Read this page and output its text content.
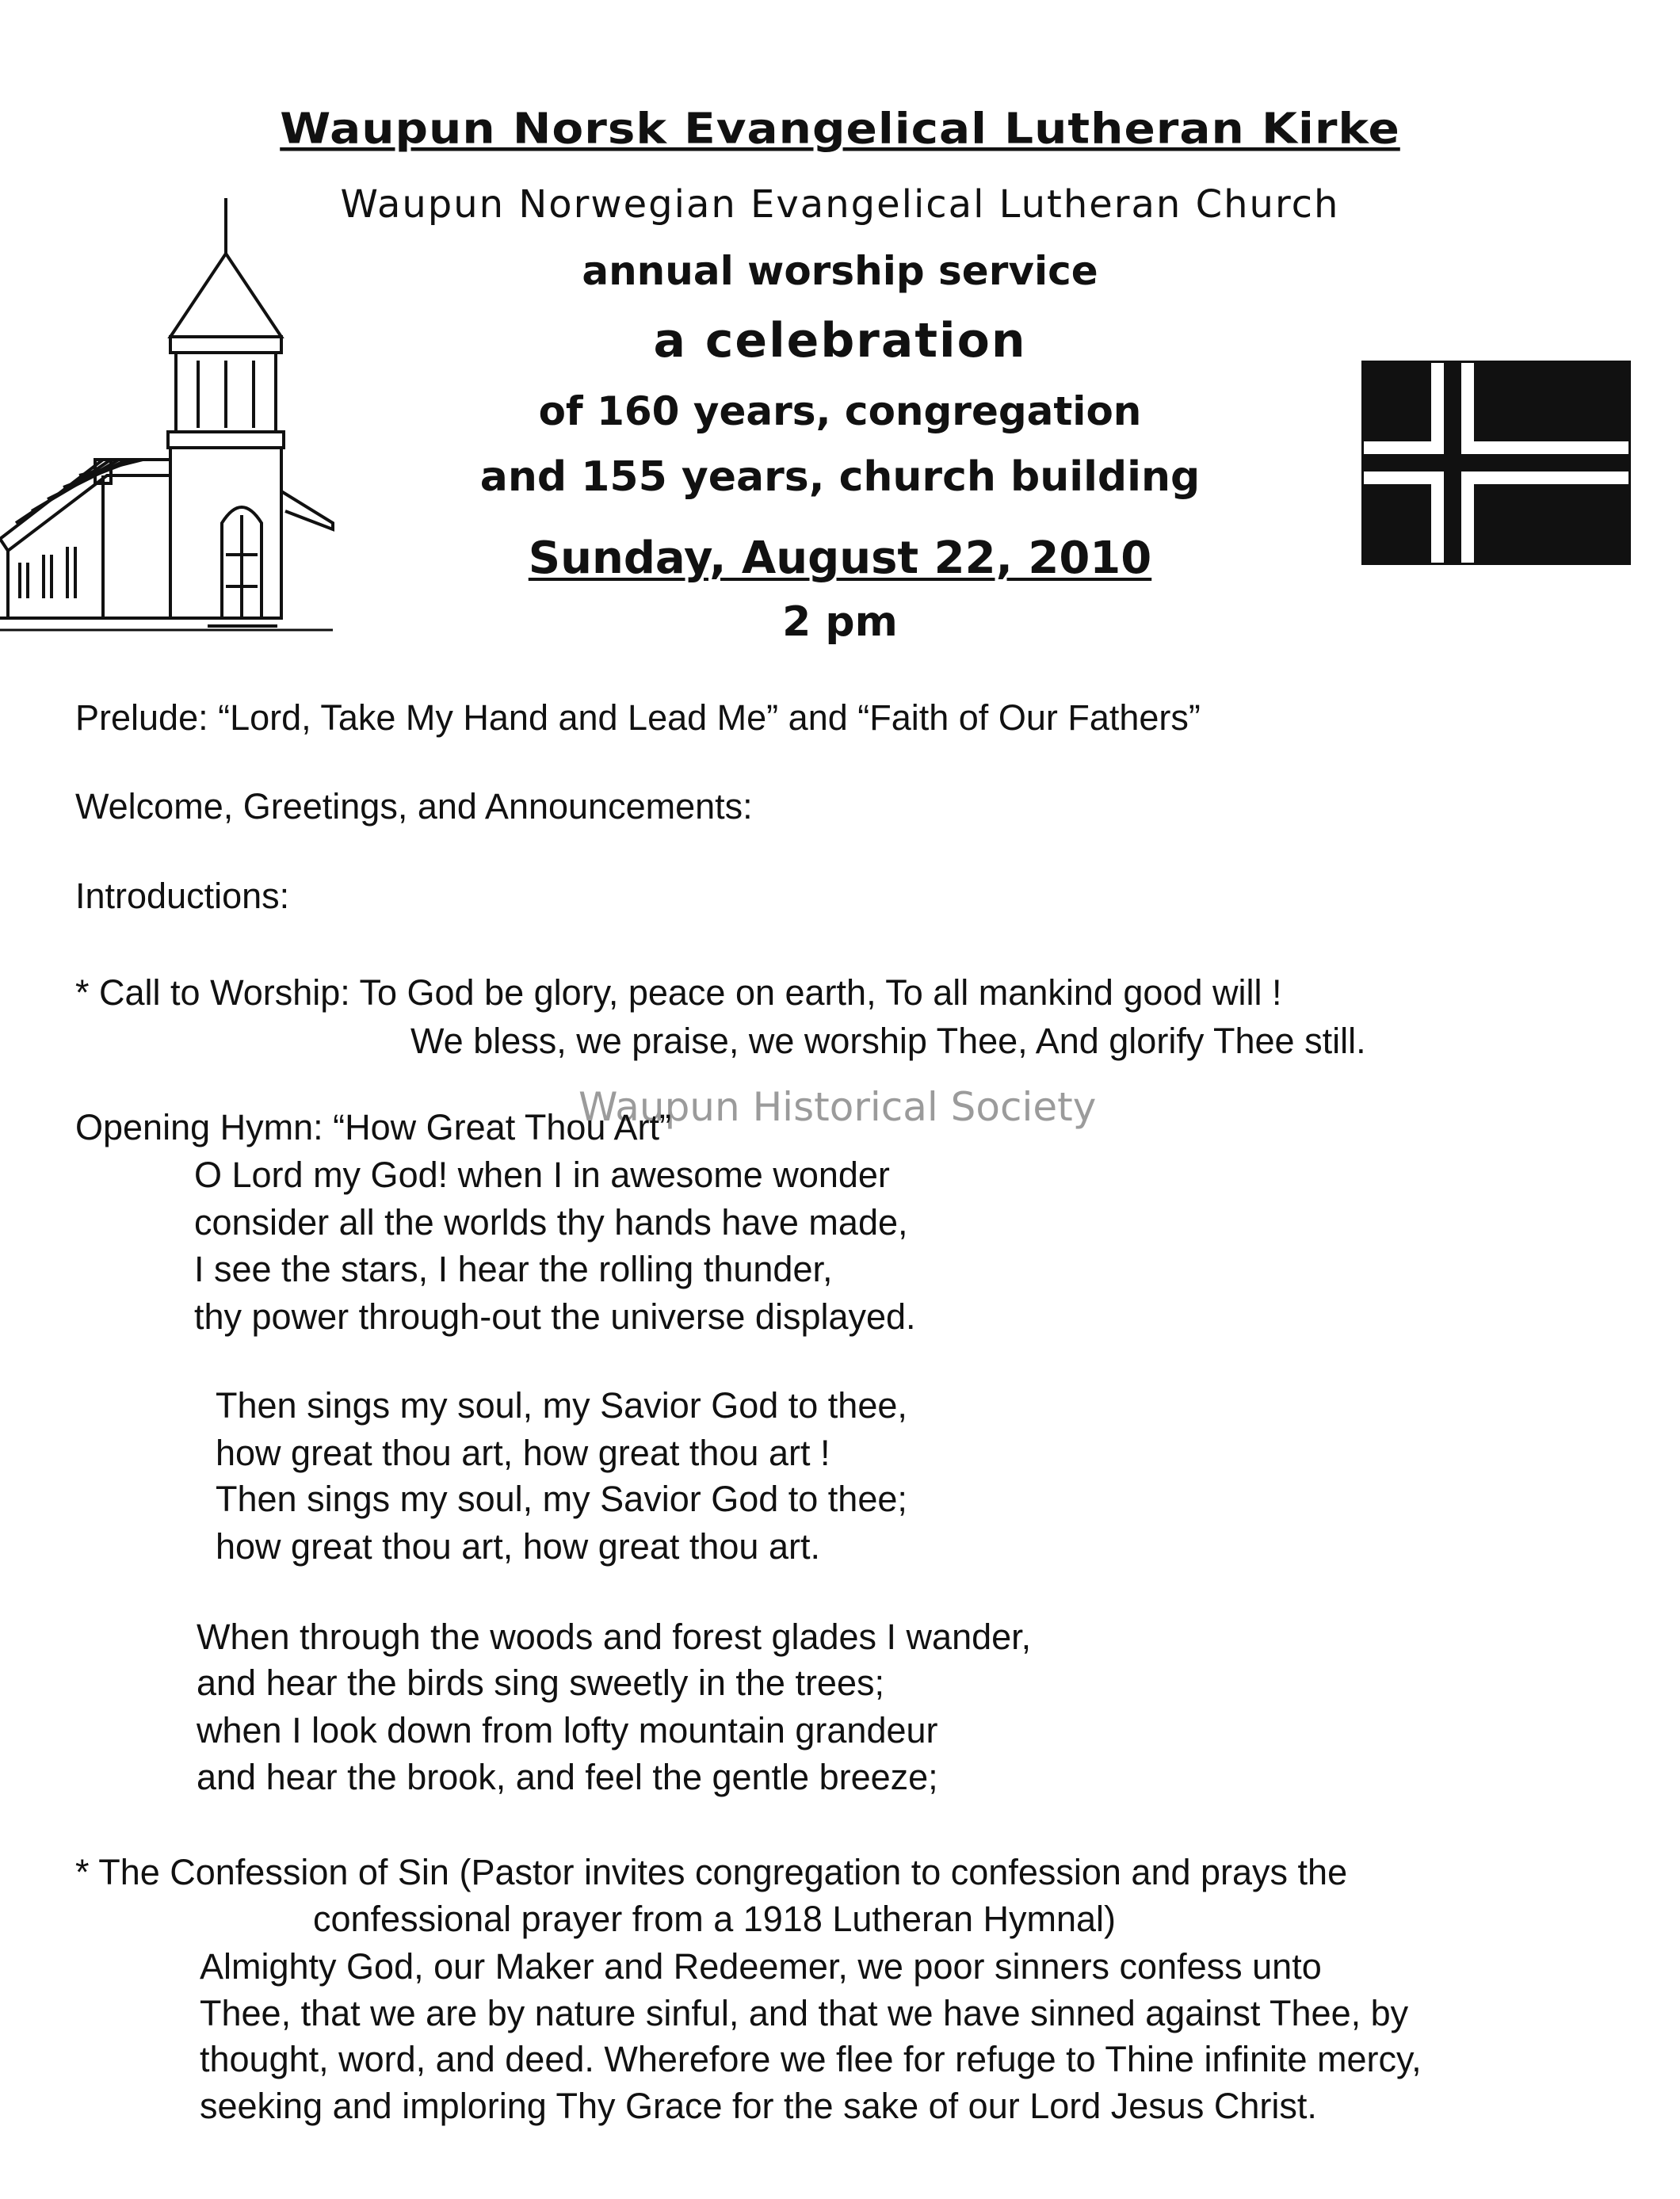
Waupun Norsk Evangelical Lutheran Kirke
Waupun Norwegian Evangelical Lutheran Church
annual worship service
a celebration
of 160 years, congregation
and 155 years, church building
Sunday, August 22, 2010
2 pm
Prelude: “Lord, Take My Hand and Lead Me” and “Faith of Our Fathers”
Welcome, Greetings, and Announcements:
Introductions:
* Call to Worship: To God be glory, peace on earth, To all mankind good will !
We bless, we praise, we worship Thee, And glorify Thee still.
Waupun Historical Society
Opening Hymn: “How Great Thou Art”
O Lord my God! when I in awesome wonder
consider all the worlds thy hands have made,
I see the stars, I hear the rolling thunder,
thy power through-out the universe displayed.
Then sings my soul, my Savior God to thee,
how great thou art, how great thou art !
Then sings my soul, my Savior God to thee;
how great thou art, how great thou art.
When through the woods and forest glades I wander,
and hear the birds sing sweetly in the trees;
when I look down from lofty mountain grandeur
and hear the brook, and feel the gentle breeze;
* The Confession of Sin (Pastor invites congregation to confession and prays the
confessional prayer from a 1918 Lutheran Hymnal)
Almighty God, our Maker and Redeemer, we poor sinners confess unto
Thee, that we are by nature sinful, and that we have sinned against Thee, by
thought, word, and deed. Wherefore we flee for refuge to Thine infinite mercy,
seeking and imploring Thy Grace for the sake of our Lord Jesus Christ.
